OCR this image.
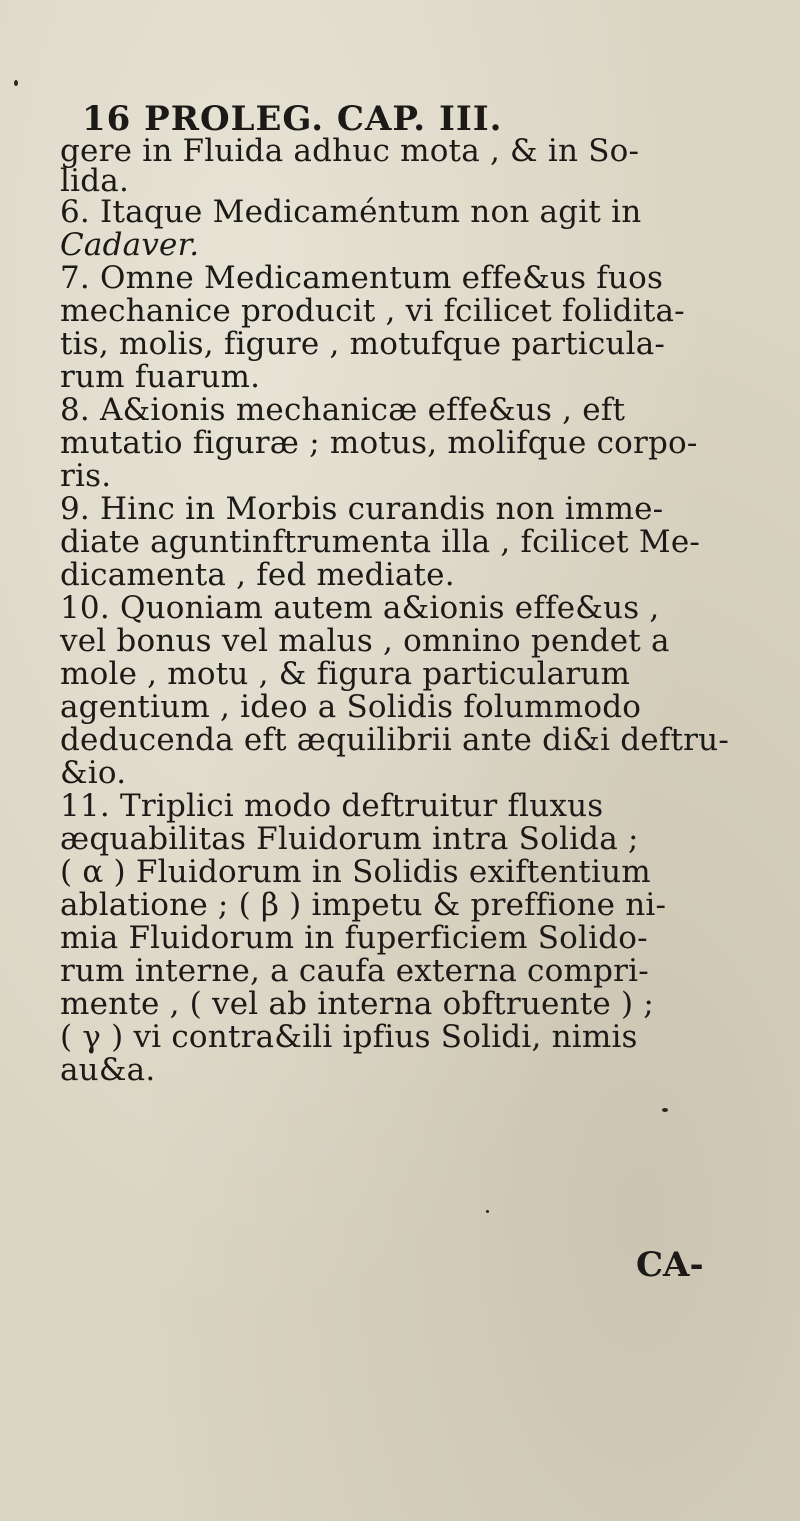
16 PROLEG. CAP. III.
gere in Fluida adhuc mota , & in So-
lida.
6. Itaque Medicaméntum non agit in
Cadaver.
7. Omne Medicamentum effe&us fuos
mechanice producit , vi fcilicet folidita-
tis, molis, figure , motufque particula-
rum fuarum.
8. A&ionis mechanicæ effe&us , eft
mutatio figuræ ; motus, molifque corpo-
ris.
9. Hinc in Morbis curandis non imme-
diate aguntinftrumenta illa , fcilicet Me-
dicamenta , fed mediate.
10. Quoniam autem a&ionis effe&us ,
vel bonus vel malus , omnino pendet a
mole , motu , & figura particularum
agentium , ideo a Solidis folummodo
deducenda eft æquilibrii ante di&i deftru-
&io.
11. Triplici modo deftruitur fluxus
æquabilitas Fluidorum intra Solida ;
( α ) Fluidorum in Solidis exiftentium
ablatione ; ( β ) impetu & preffione ni-
mia Fluidorum in fuperficiem Solido-
rum interne, a caufa externa compri-
mente , ( vel ab interna obftruente ) ;
( γ ) vi contra&ili ipfius Solidi, nimis
au&a.
CA-
